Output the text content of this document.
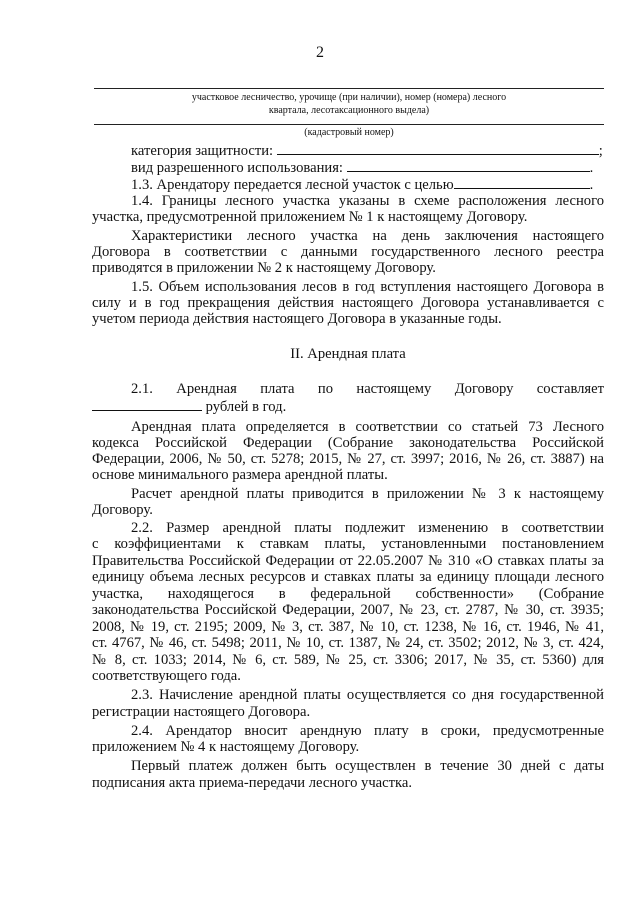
2
участковое лесничество, урочище (при наличии), номер (номера) лесного
квартала, лесотаксационного выдела)
(кадастровый номер)
категория защитности:	;
вид разрешенного использования:	.
1.3. Арендатору передается лесной участок с целью	.
1.4. Границы лесного участка указаны в схеме расположения лесного
участка, предусмотренной приложением № 1 к настоящему Договору.
Характеристики лесного участка на день заключения настоящего
Договора в соответствии с данными государственного лесного реестра
приводятся в приложении № 2 к настоящему Договору.
1.5. Объем использования лесов в год вступления настоящего Договора в
силу и в год прекращения действия настоящего Договора устанавливается с
учетом периода действия настоящего Договора в указанные годы.
II. Арендная плата
2.1. Арендная плата по настоящему Договору составляет
рублей в год.
Арендная плата определяется в соответствии со статьей 73 Лесного
кодекса Российской Федерации (Собрание законодательства Российской
Федерации, 2006, № 50, ст. 5278; 2015, № 27, ст. 3997; 2016, № 26, ст. 3887) на
основе минимального размера арендной платы.
Расчет арендной платы приводится в приложении № 3 к настоящему
Договору.
2.2. Размер арендной платы подлежит изменению в соответствии
с коэффициентами к ставкам платы, установленными постановлением
Правительства Российской Федерации от 22.05.2007 № 310 «О ставках платы за
единицу объема лесных ресурсов и ставках платы за единицу площади лесного
участка, находящегося в федеральной собственности» (Собрание
законодательства Российской Федерации, 2007, № 23, ст. 2787, № 30, ст. 3935;
2008, № 19, ст. 2195; 2009, № 3, ст. 387, № 10, ст. 1238, № 16, ст. 1946, № 41,
ст. 4767, № 46, ст. 5498; 2011, № 10, ст. 1387, № 24, ст. 3502; 2012, № 3, ст. 424,
№ 8, ст. 1033; 2014, № 6, ст. 589, № 25, ст. 3306; 2017, № 35, ст. 5360) для
соответствующего года.
2.3. Начисление арендной платы осуществляется со дня государственной
регистрации настоящего Договора.
2.4. Арендатор вносит арендную плату в сроки, предусмотренные
приложением № 4 к настоящему Договору.
Первый платеж должен быть осуществлен в течение 30 дней с даты
подписания акта приема-передачи лесного участка.
